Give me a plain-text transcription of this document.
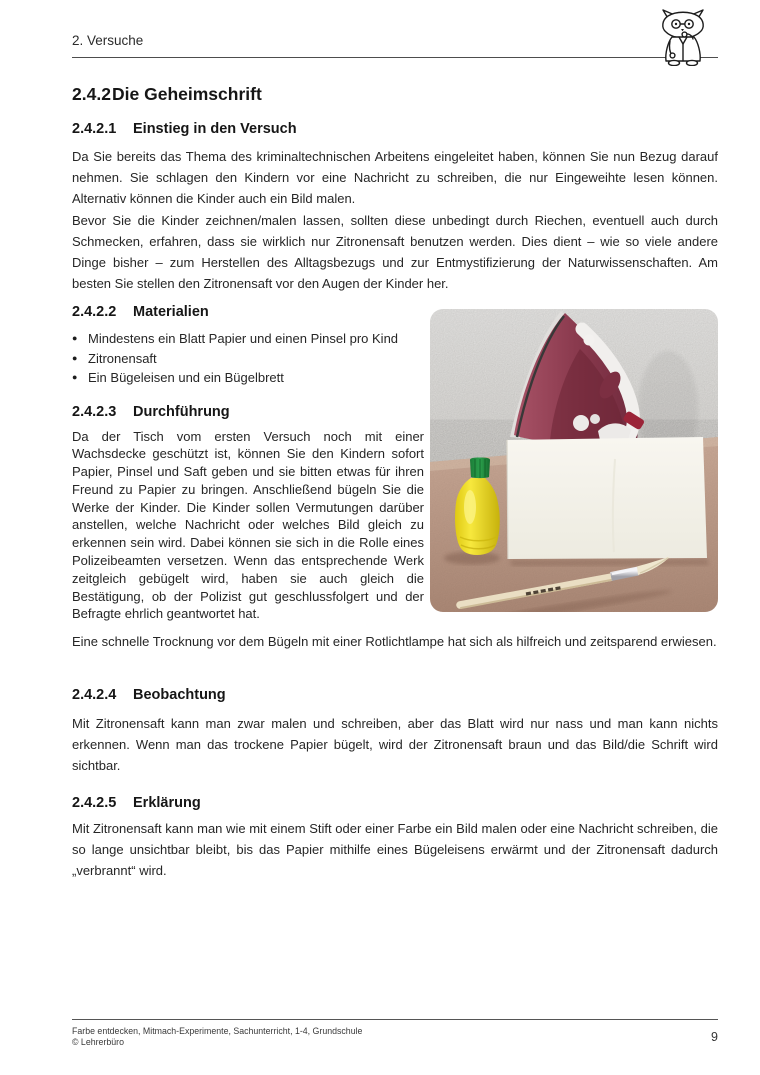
2. Versuche
2.4.2Die Geheimschrift
2.4.2.1 Einstieg in den Versuch
Da Sie bereits das Thema des kriminaltechnischen Arbeitens eingeleitet haben, können Sie nun Bezug darauf nehmen. Sie schlagen den Kindern vor eine Nachricht zu schreiben, die nur Eingeweihte lesen können. Alternativ können die Kinder auch ein Bild malen.
Bevor Sie die Kinder zeichnen/malen lassen, sollten diese unbedingt durch Riechen, eventuell auch durch Schmecken, erfahren, dass sie wirklich nur Zitronensaft benutzen werden. Dies dient – wie so viele andere Dinge bisher – zum Herstellen des Alltagsbezugs und zur Entmystifizierung der Naturwissenschaften. Am besten Sie stellen den Zitronensaft vor den Augen der Kinder her.
2.4.2.2 Materialien
● Mindestens ein Blatt Papier und einen Pinsel pro Kind
● Zitronensaft
● Ein Bügeleisen und ein Bügelbrett
2.4.2.3 Durchführung

Da der Tisch vom ersten Versuch noch mit einer Wachsdecke geschützt ist, können Sie den Kindern sofort Papier, Pinsel und Saft geben und sie bitten etwas für ihren Freund zu Papier zu bringen. Anschließend bügeln Sie die Werke der Kinder. Die Kinder sollen Vermutungen darüber anstellen, welche Nachricht oder welches Bild gleich zu erkennen sein wird. Dabei können sie sich in die Rolle eines Polizeibeamten versetzen. Wenn das entsprechende Werk zeitgleich gebügelt wird, haben sie auch gleich die Bestätigung, ob der Polizist gut geschlussfolgert und der Befragte ehrlich geantwortet hat.

Eine schnelle Trocknung vor dem Bügeln mit einer Rotlichtlampe hat sich als hilfreich und zeitsparend erwiesen.
2.4.2.4 Beobachtung
Mit Zitronensaft kann man zwar malen und schreiben, aber das Blatt wird nur nass und man kann nichts erkennen. Wenn man das trockene Papier bügelt, wird der Zitronensaft braun und das Bild/die Schrift wird sichtbar.
2.4.2.5 Erklärung
Mit Zitronensaft kann man wie mit einem Stift oder einer Farbe ein Bild malen oder eine Nachricht schreiben, die so lange unsichtbar bleibt, bis das Papier mithilfe eines Bügeleisens erwärmt und der Zitronensaft dadurch „verbrannt“ wird.
Farbe entdecken, Mitmach-Experimente, Sachunterricht, 1-4, Grundschule
© Lehrerbüro	9
